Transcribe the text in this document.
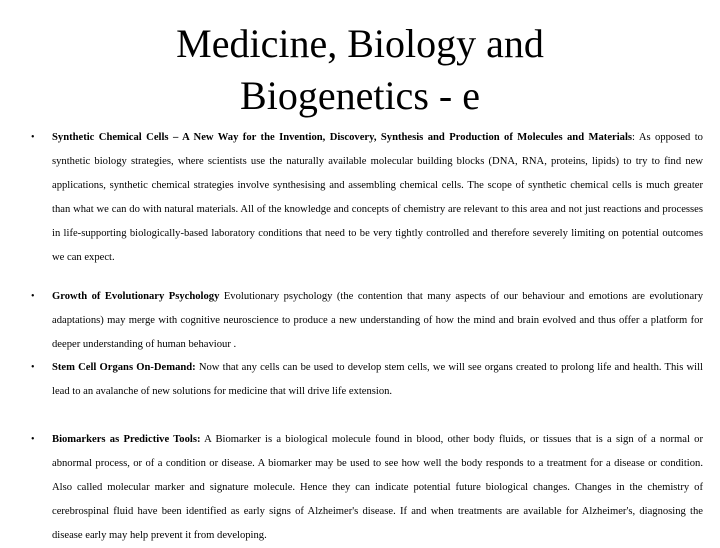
Medicine, Biology and
Biogenetics - e
• Synthetic Chemical Cells – A New Way for the Invention, Discovery, Synthesis and Production of Molecules and Materials: As opposed to synthetic biology strategies, where scientists use the naturally available molecular building blocks (DNA, RNA, proteins, lipids) to try to find new applications, synthetic chemical strategies involve synthesising and assembling chemical cells. The scope of synthetic chemical cells is much greater than what we can do with natural materials. All of the knowledge and concepts of chemistry are relevant to this area and not just reactions and processes in life-supporting biologically-based laboratory conditions that need to be very tightly controlled and therefore severely limiting on potential outcomes we can expect.
• Growth of Evolutionary Psychology Evolutionary psychology (the contention that many aspects of our behaviour and emotions are evolutionary adaptations) may merge with cognitive neuroscience to produce a new understanding of how the mind and brain evolved and thus offer a platform for deeper understanding of human behaviour .
• Stem Cell Organs On-Demand: Now that any cells can be used to develop stem cells, we will see organs created to prolong life and health. This will lead to an avalanche of new solutions for medicine that will drive life extension.
• Biomarkers as Predictive Tools: A Biomarker is a biological molecule found in blood, other body fluids, or tissues that is a sign of a normal or abnormal process, or of a condition or disease. A biomarker may be used to see how well the body responds to a treatment for a disease or condition. Also called molecular marker and signature molecule. Hence they can indicate potential future biological changes. Changes in the chemistry of cerebrospinal fluid have been identified as early signs of Alzheimer's disease. If and when treatments are available for Alzheimer's, diagnosing the disease early may help prevent it from developing.
